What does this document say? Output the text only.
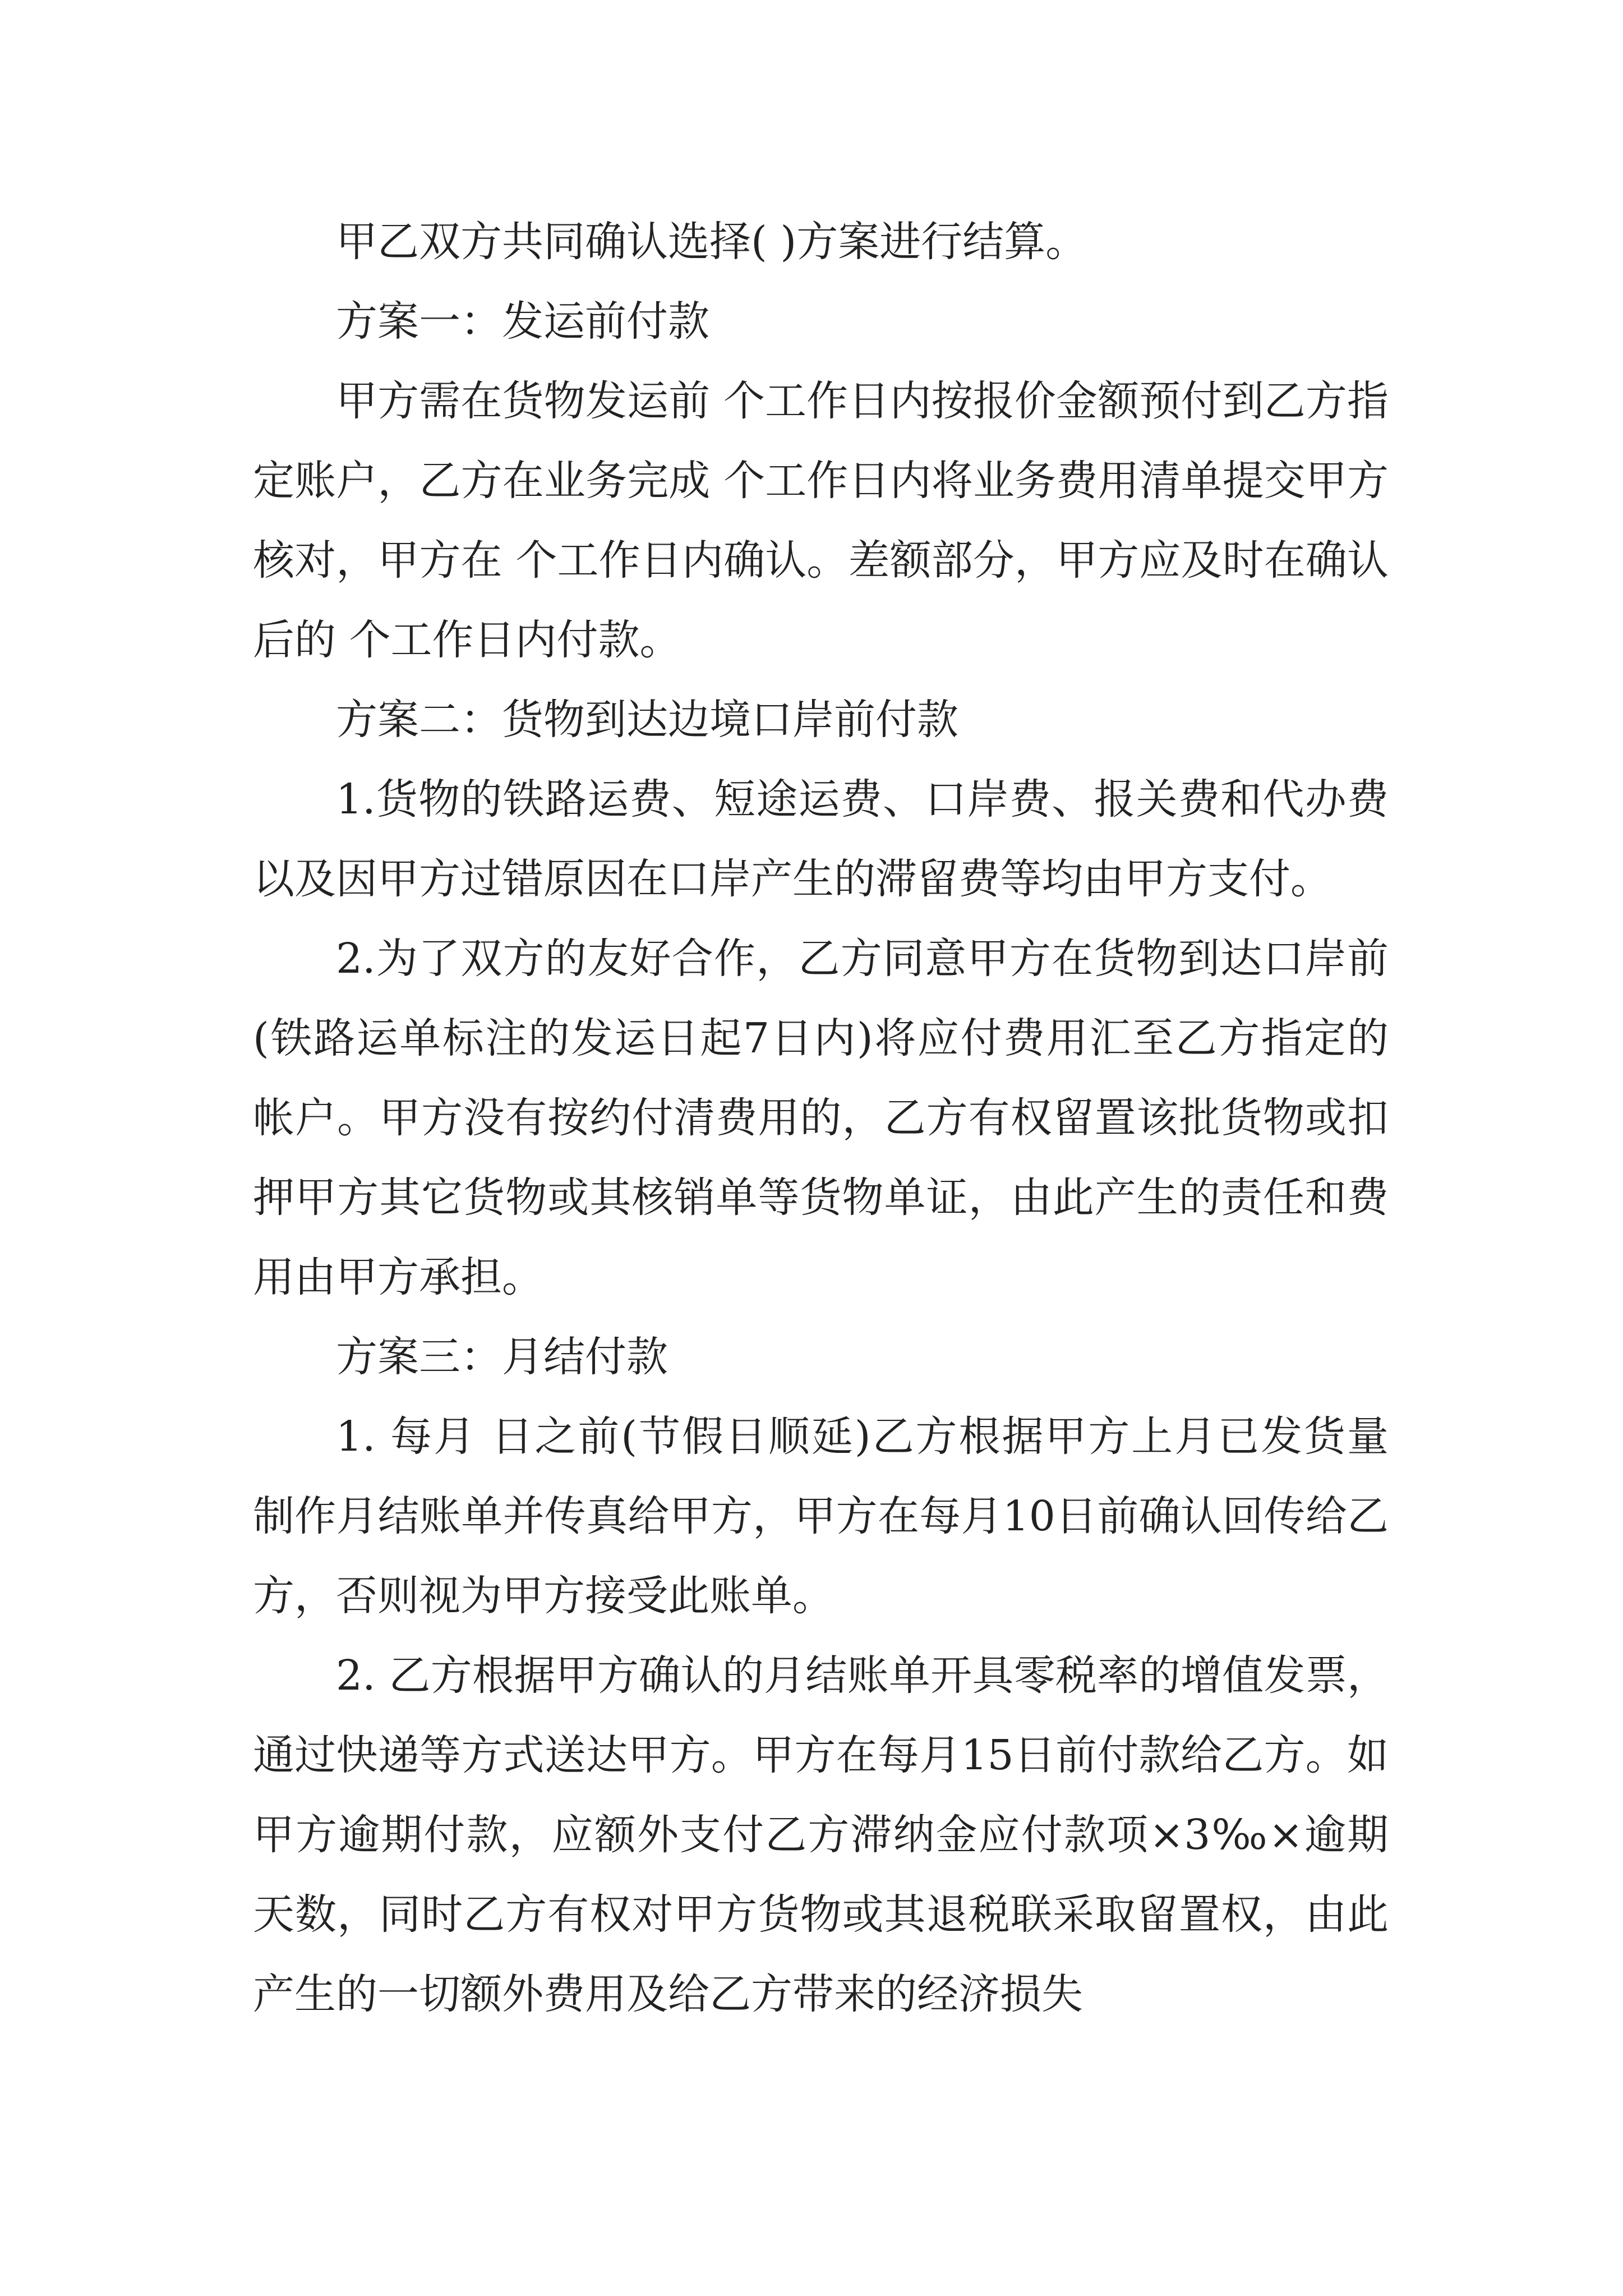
甲乙双方共同确认选择( )方案进行结算。

方案一：发运前付款

甲方需在货物发运前 个工作日内按报价金额预付到乙方指定账户，乙方在业务完成 个工作日内将业务费用清单提交甲方核对，甲方在 个工作日内确认。差额部分，甲方应及时在确认后的 个工作日内付款。

方案二：货物到达边境口岸前付款

1.货物的铁路运费、短途运费、口岸费、报关费和代办费以及因甲方过错原因在口岸产生的滞留费等均由甲方支付。

2.为了双方的友好合作，乙方同意甲方在货物到达口岸前(铁路运单标注的发运日起7日内)将应付费用汇至乙方指定的帐户。甲方没有按约付清费用的，乙方有权留置该批货物或扣押甲方其它货物或其核销单等货物单证，由此产生的责任和费用由甲方承担。

方案三：月结付款

1. 每月 日之前(节假日顺延)乙方根据甲方上月已发货量制作月结账单并传真给甲方，甲方在每月10日前确认回传给乙方，否则视为甲方接受此账单。

2. 乙方根据甲方确认的月结账单开具零税率的增值发票，通过快递等方式送达甲方。甲方在每月15日前付款给乙方。如甲方逾期付款，应额外支付乙方滞纳金应付款项×3‰×逾期天数，同时乙方有权对甲方货物或其退税联采取留置权，由此产生的一切额外费用及给乙方带来的经济损失
